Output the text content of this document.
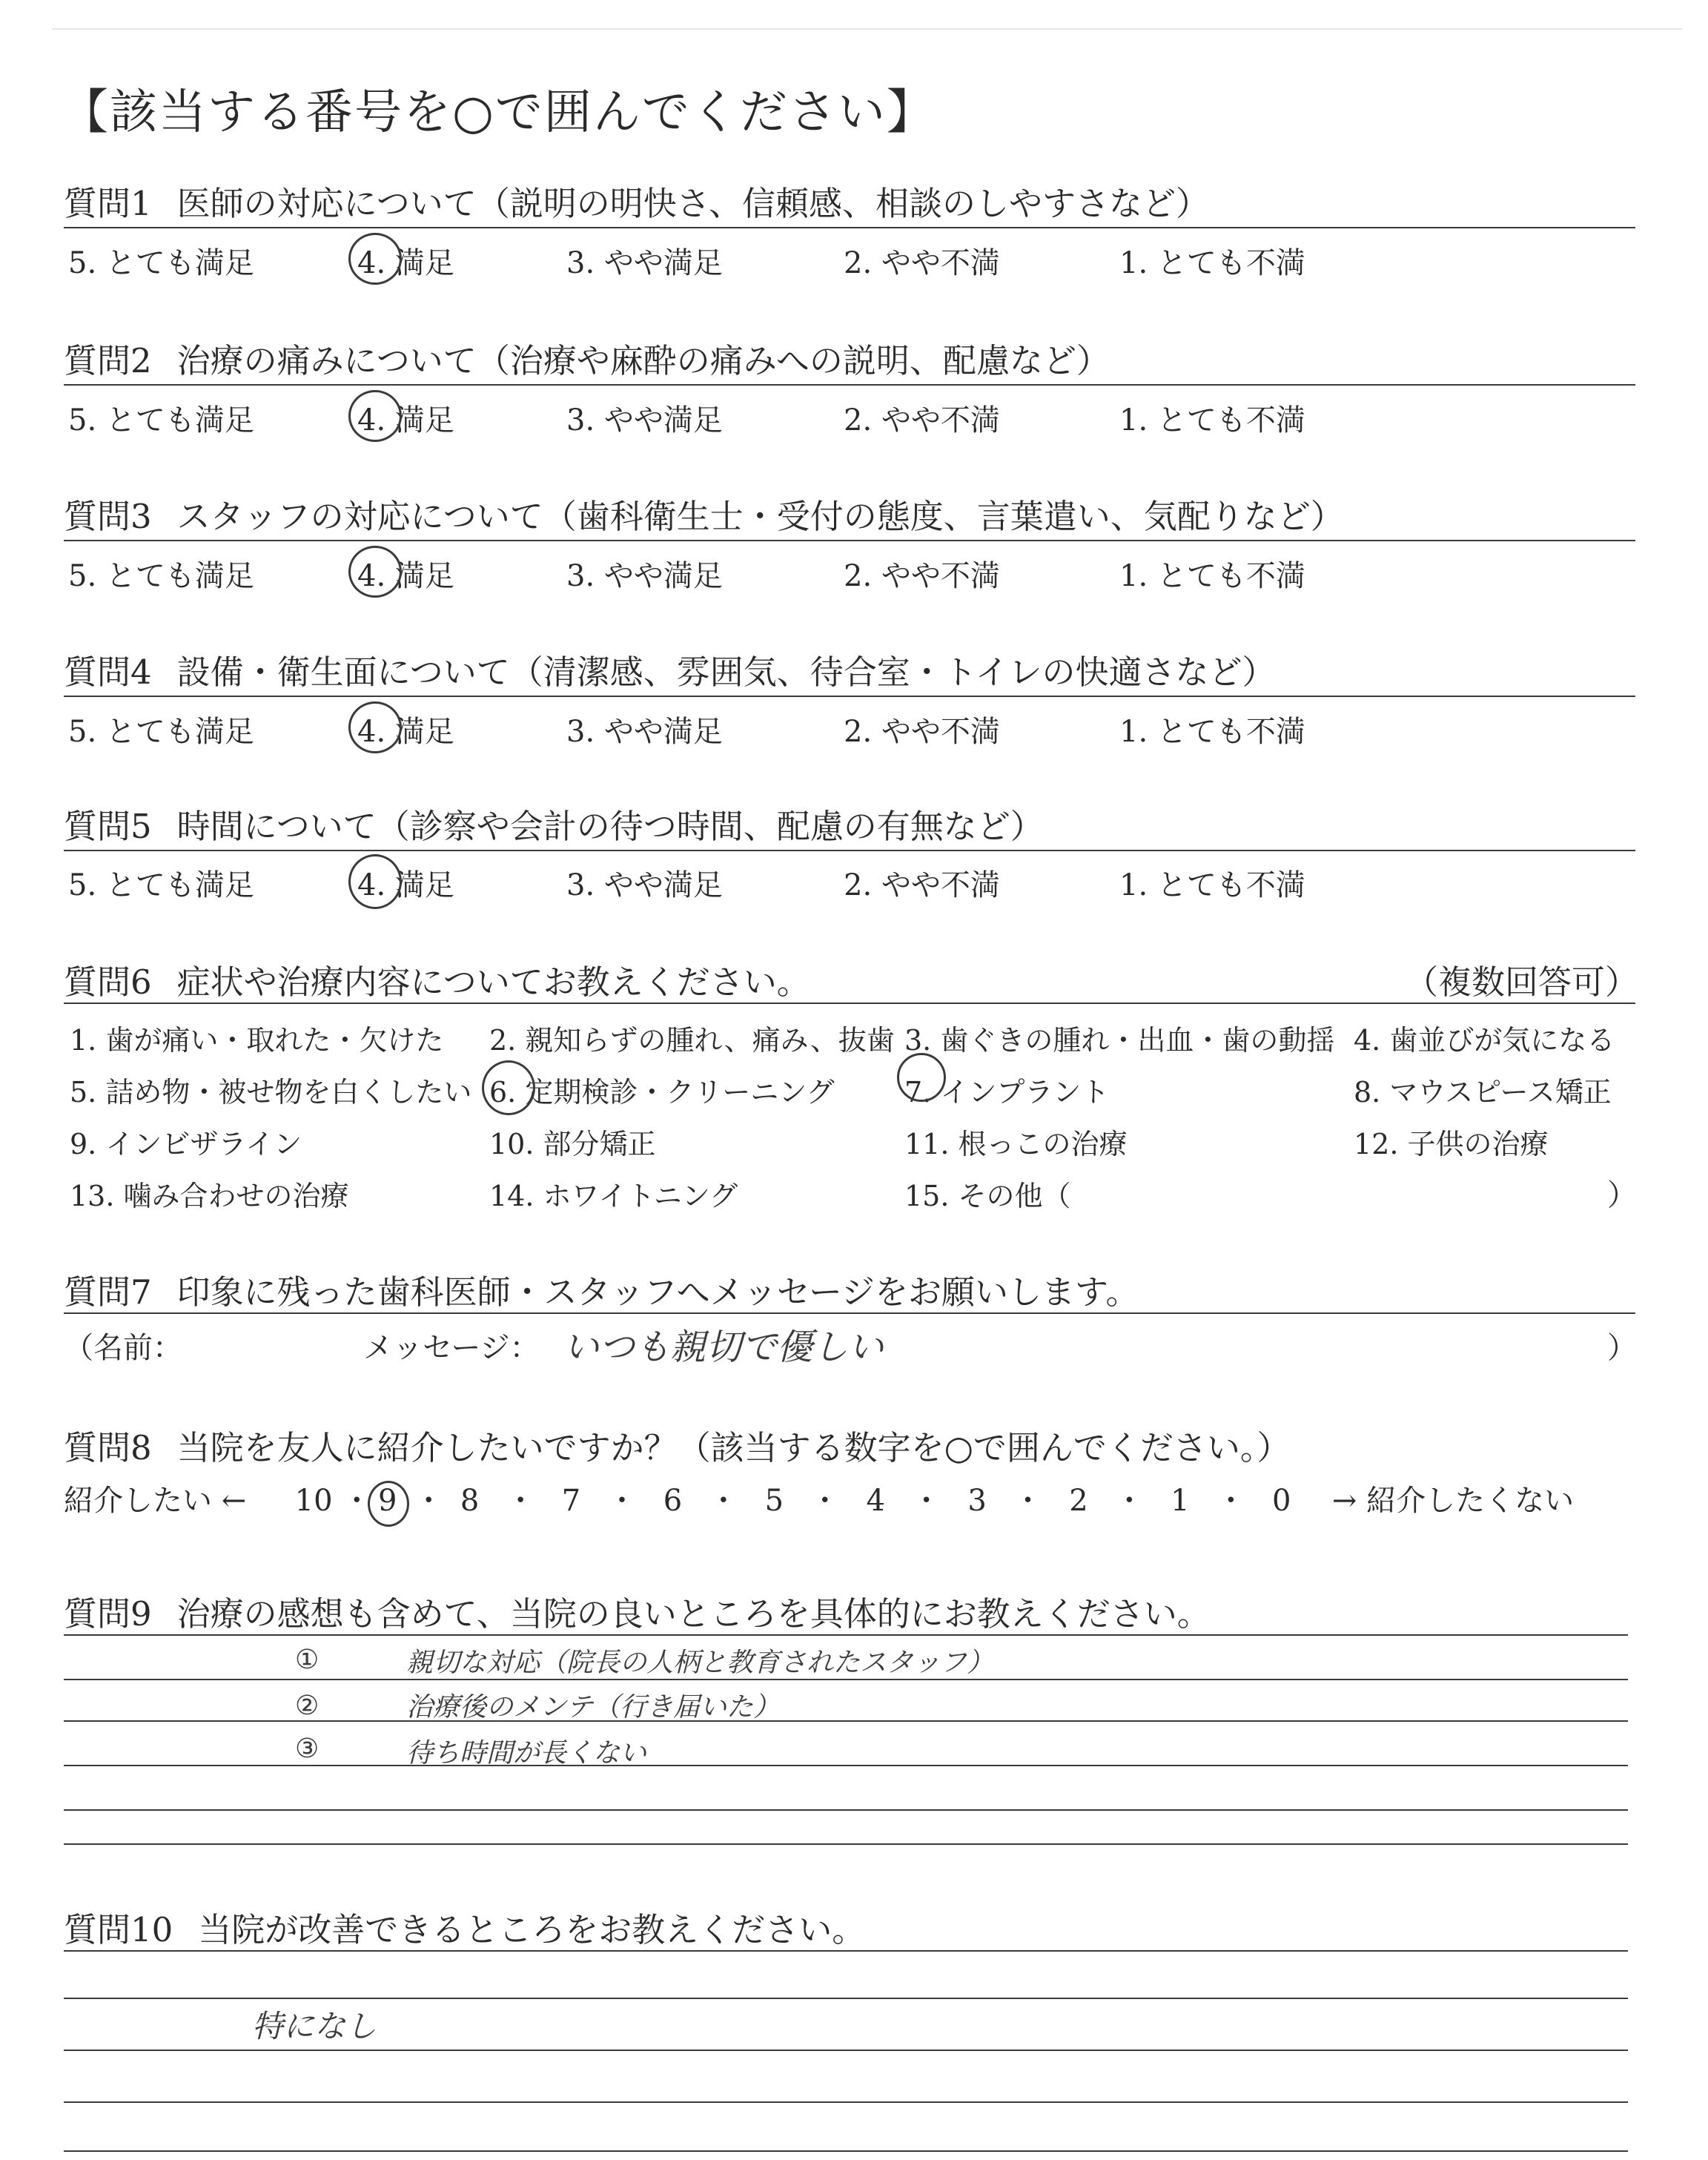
【該当する番号を○で囲んでください】
質問1 医師の対応について（説明の明快さ、信頼感、相談のしやすさなど）
5. とても満足	4. 満足	3. やや満足	2. やや不満	1. とても不満
質問2 治療の痛みについて（治療や麻酔の痛みへの説明、配慮など）
5. とても満足	4. 満足	3. やや満足	2. やや不満	1. とても不満
質問3 スタッフの対応について（歯科衛生士・受付の態度、言葉遣い、気配りなど）
5. とても満足	4. 満足	3. やや満足	2. やや不満	1. とても不満
質問4 設備・衛生面について（清潔感、雰囲気、待合室・トイレの快適さなど）
5. とても満足	4. 満足	3. やや満足	2. やや不満	1. とても不満
質問5 時間について（診察や会計の待つ時間、配慮の有無など）
5. とても満足	4. 満足	3. やや満足	2. やや不満	1. とても不満
質問6 症状や治療内容についてお教えください。	（複数回答可）
1. 歯が痛い・取れた・欠けた 2. 親知らずの腫れ、痛み、抜歯 3. 歯ぐきの腫れ・出血・歯の動揺 4. 歯並びが気になる
5. 詰め物・被せ物を白くしたい 6. 定期検診・クリーニング 7. インプラント	8. マウスピース矯正
9. インビザライン	10. 部分矯正	11. 根っこの治療	12. 子供の治療
13. 噛み合わせの治療	14. ホワイトニング	15. その他（	）
質問7 印象に残った歯科医師・スタッフへメッセージをお願いします。
（名前：	メッセージ： いつも親切で優しい	）
質問8 当院を友人に紹介したいですか？（該当する数字を○で囲んでください。）
紹介したい ← 10 ・ 9 ・ 8 ・ 7 ・ 6 ・ 5 ・ 4 ・ 3 ・ 2 ・ 1 ・ 0 → 紹介したくない
質問9 治療の感想も含めて、当院の良いところを具体的にお教えください。
①	親切な対応（院長の人柄と教育されたスタッフ）
②	治療後のメンテ（行き届いた）
③	待ち時間が長くない
質問10 当院が改善できるところをお教えください。
特になし
